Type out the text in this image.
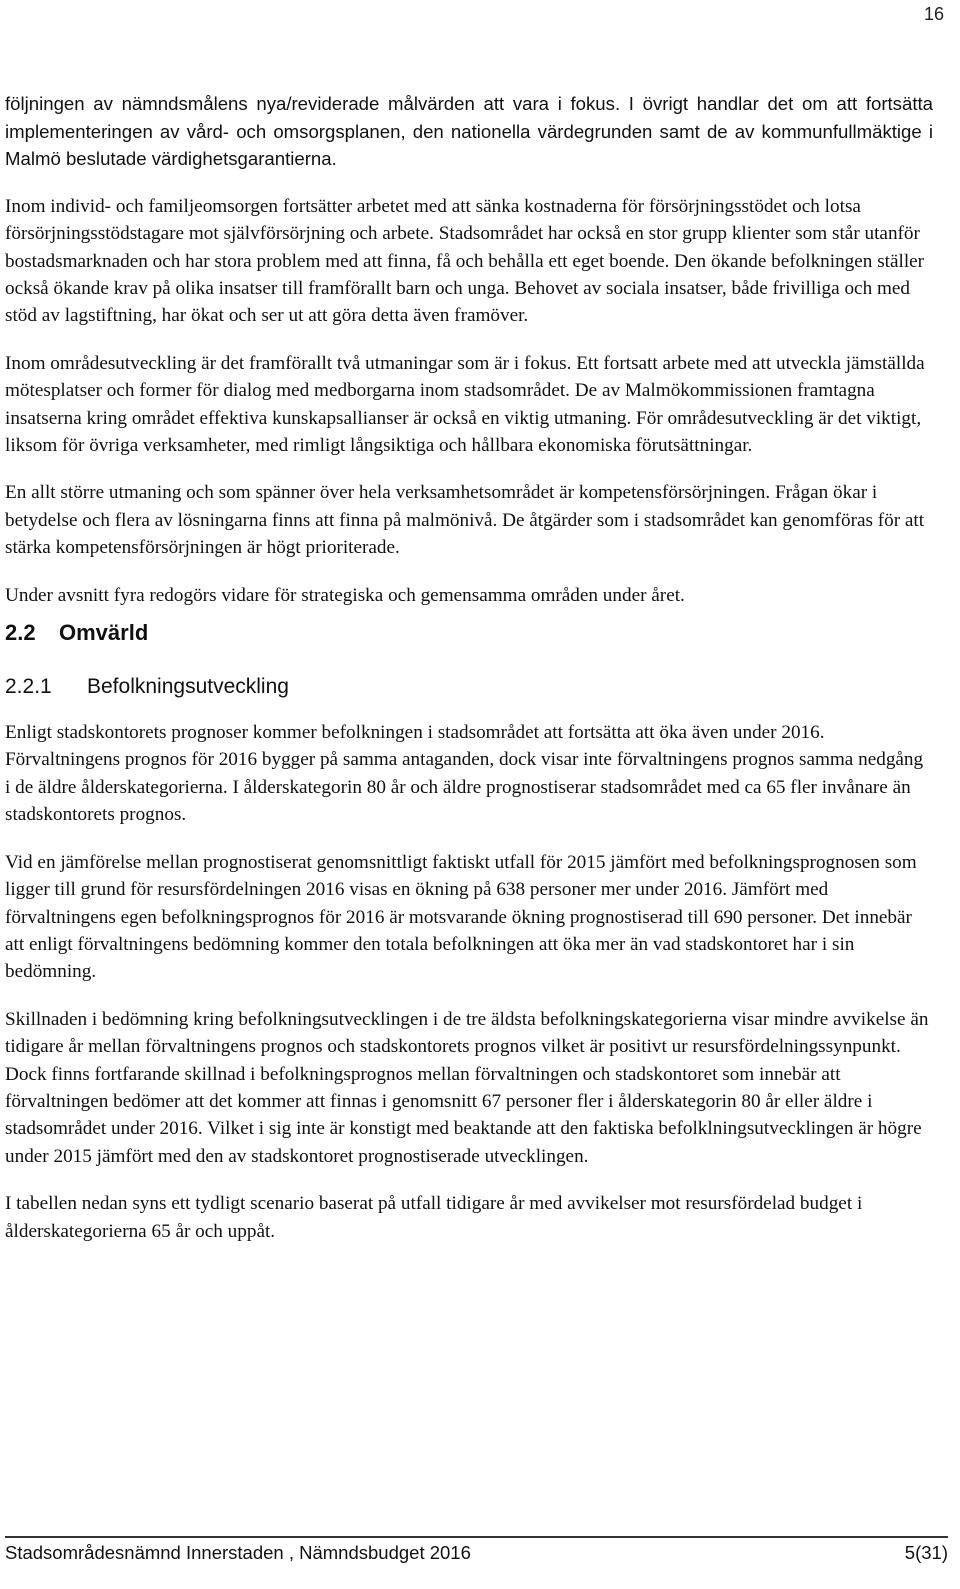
16

följningen av nämndsmålens nya/reviderade målvärden att vara i fokus. I övrigt handlar det om att fortsätta implementeringen av vård- och omsorgsplanen, den nationella värdegrunden samt de av kommunfullmäktige i Malmö beslutade värdighetsgarantierna.

Inom individ- och familjeomsorgen fortsätter arbetet med att sänka kostnaderna för försörjningsstödet och lotsa försörjningsstödstagare mot självförsörjning och arbete. Stadsområdet har också en stor grupp klienter som står utanför bostadsmarknaden och har stora problem med att finna, få och behålla ett eget boende. Den ökande befolkningen ställer också ökande krav på olika insatser till framförallt barn och unga. Behovet av sociala insatser, både frivilliga och med stöd av lagstiftning, har ökat och ser ut att göra detta även framöver.

Inom områdesutveckling är det framförallt två utmaningar som är i fokus. Ett fortsatt arbete med att utveckla jämställda mötesplatser och former för dialog med medborgarna inom stadsområdet. De av Malmökommissionen framtagna insatserna kring området effektiva kunskapsallianser är också en viktig utmaning. För områdesutveckling är det viktigt, liksom för övriga verksamheter, med rimligt långsiktiga och hållbara ekonomiska förutsättningar.

En allt större utmaning och som spänner över hela verksamhetsområdet är kompetensförsörjningen. Frågan ökar i betydelse och flera av lösningarna finns att finna på malmönivå. De åtgärder som i stadsområdet kan genomföras för att stärka kompetensförsörjningen är högt prioriterade.

Under avsnitt fyra redogörs vidare för strategiska och gemensamma områden under året.

2.2 Omvärld
2.2.1 Befolkningsutveckling

Enligt stadskontorets prognoser kommer befolkningen i stadsområdet att fortsätta att öka även under 2016. Förvaltningens prognos för 2016 bygger på samma antaganden, dock visar inte förvaltningens prognos samma nedgång i de äldre ålderskategorierna. I ålderskategorin 80 år och äldre prognostiserar stadsområdet med ca 65 fler invånare än stadskontorets prognos.

Vid en jämförelse mellan prognostiserat genomsnittligt faktiskt utfall för 2015 jämfört med befolkningsprognosen som ligger till grund för resursfördelningen 2016 visas en ökning på 638 personer mer under 2016. Jämfört med förvaltningens egen befolkningsprognos för 2016 är motsvarande ökning prognostiserad till 690 personer. Det innebär att enligt förvaltningens bedömning kommer den totala befolkningen att öka mer än vad stadskontoret har i sin bedömning.

Skillnaden i bedömning kring befolkningsutvecklingen i de tre äldsta befolkningskategorierna visar mindre avvikelse än tidigare år mellan förvaltningens prognos och stadskontorets prognos vilket är positivt ur resursfördelningssynpunkt. Dock finns fortfarande skillnad i befolkningsprognos mellan förvaltningen och stadskontoret som innebär att förvaltningen bedömer att det kommer att finnas i genomsnitt 67 personer fler i ålderskategorin 80 år eller äldre i stadsområdet under 2016. Vilket i sig inte är konstigt med beaktande att den faktiska befolklningsutvecklingen är högre under 2015 jämfört med den av stadskontoret prognostiserade utvecklingen.

I tabellen nedan syns ett tydligt scenario baserat på utfall tidigare år med avvikelser mot resursfördelad budget i ålderskategorierna 65 år och uppåt.

Stadsområdesnämnd Innerstaden , Nämndsbudget 2016	5(31)
